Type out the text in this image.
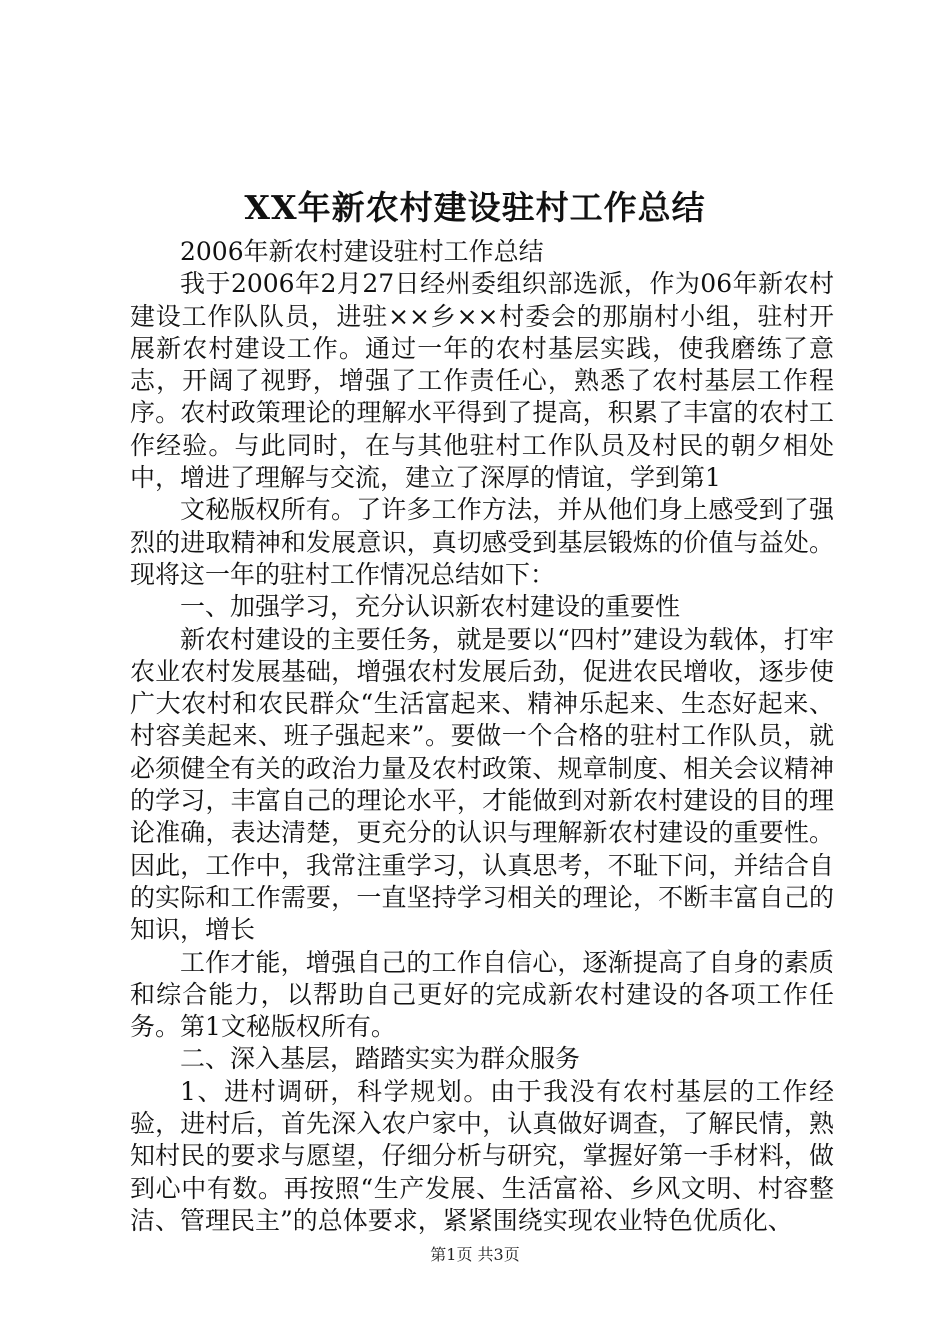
XX年新农村建设驻村工作总结

2006年新农村建设驻村工作总结

我于2006年2月27日经州委组织部选派，作为06年新农村建设工作队队员，进驻××乡××村委会的那崩村小组，驻村开展新农村建设工作。通过一年的农村基层实践，使我磨练了意志，开阔了视野，增强了工作责任心，熟悉了农村基层工作程序。农村政策理论的理解水平得到了提高，积累了丰富的农村工作经验。与此同时，在与其他驻村工作队员及村民的朝夕相处中，增进了理解与交流，建立了深厚的情谊，学到第1

文秘版权所有。了许多工作方法，并从他们身上感受到了强烈的进取精神和发展意识，真切感受到基层锻炼的价值与益处。现将这一年的驻村工作情况总结如下：

一、加强学习，充分认识新农村建设的重要性

新农村建设的主要任务，就是要以“四村”建设为载体，打牢农业农村发展基础，增强农村发展后劲，促进农民增收，逐步使广大农村和农民群众“生活富起来、精神乐起来、生态好起来、村容美起来、班子强起来”。要做一个合格的驻村工作队员，就必须健全有关的政治力量及农村政策、规章制度、相关会议精神的学习，丰富自己的理论水平，才能做到对新农村建设的目的理论准确，表达清楚，更充分的认识与理解新农村建设的重要性。因此，工作中，我常注重学习，认真思考，不耻下问，并结合自的实际和工作需要，一直坚持学习相关的理论，不断丰富自己的知识，增长

工作才能，增强自己的工作自信心，逐渐提高了自身的素质和综合能力，以帮助自己更好的完成新农村建设的各项工作任务。第1文秘版权所有。

二、深入基层，踏踏实实为群众服务

1、进村调研，科学规划。由于我没有农村基层的工作经验，进村后，首先深入农户家中，认真做好调查，了解民情，熟知村民的要求与愿望，仔细分析与研究，掌握好第一手材料，做到心中有数。再按照“生产发展、生活富裕、乡风文明、村容整洁、管理民主”的总体要求，紧紧围绕实现农业特色优质化、

第1页 共3页
